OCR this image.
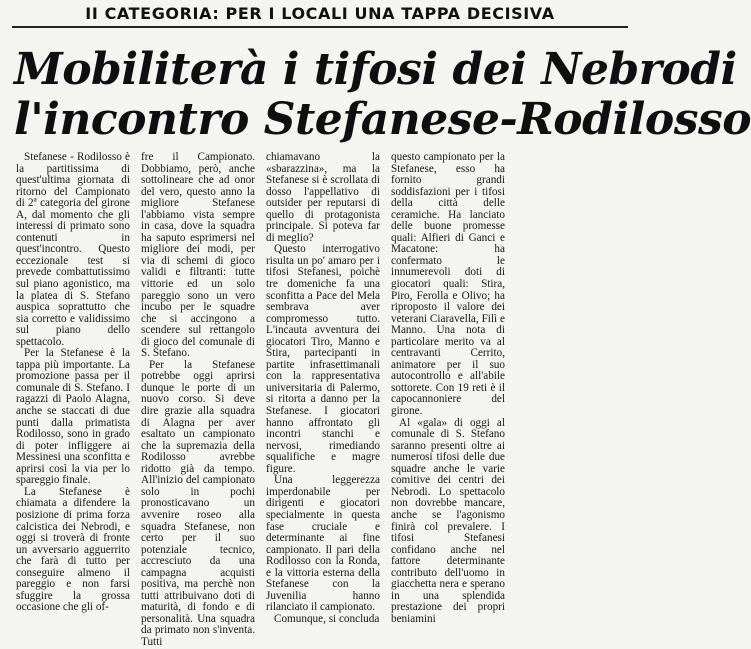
II CATEGORIA: PER I LOCALI UNA TAPPA DECISIVA
Mobiliterà i tifosi dei Nebrodi
l'incontro Stefanese-Rodilosso

Stefanese - Rodilosso è la partitissima di quest'ultima giornata di ritorno del Campionato di 2ª categoria del girone A, dal momento che gli interessi di primato sono contenuti in quest'incontro. Questo eccezionale test si prevede combattutissimo sul piano agonistico, ma la platea di S. Stefano auspica soprattutto che sia corretto e validissimo sul piano dello spettacolo.

Per la Stefanese è la tappa più importante. La promozione passa per il comunale di S. Stefano. I ragazzi di Paolo Alagna, anche se staccati di due punti dalla primatista Rodilosso, sono in grado di poter infliggere ai Messinesi una sconfitta e aprirsi così la via per lo spareggio finale.

La Stefanese è chiamata a difendere la posizione di prima forza calcistica dei Nebrodi, e oggi si troverà di fronte un avversario agguerrito che farà di tutto per conseguire almeno il pareggio e non farsi sfuggire la grossa occasione che gli of-

fre il Campionato. Dobbiamo, però, anche sottolineare che ad onor del vero, questo anno la migliore Stefanese l'abbiamo vista sempre in casa, dove la squadra ha saputo esprimersi nel migliore dei modi, per via di schemi di gioco validi e filtranti: tutte vittorie ed un solo pareggio sono un vero incubo per le squadre che si accingono a scendere sul rettangolo di gioco del comunale di S. Stefano.

Per la Stefanese potrebbe oggi aprirsi dunque le porte di un nuovo corso. Si deve dire grazie alla squadra di Alagna per aver esaltato un campionato che la supremazia della Rodilosso avrebbe ridotto già da tempo. All'inizio del campionato solo in pochi pronosticavano un avvenire roseo alla squadra Stefanese, non certo per il suo potenziale tecnico, accresciuto da una campagna acquisti positiva, ma perchè non tutti attribuivano doti di maturità, di fondo e di personalità. Una squadra da primato non s'inventa. Tutti

chiamavano la «sbarazzina», ma la Stefanese si è scrollata di dosso l'appellativo di outsider per reputarsi di quello di protagonista principale. Si poteva far di meglio?

Questo interrogativo risulta un po' amaro per i tifosi Stefanesi, poichè tre domeniche fa una sconfitta a Pace del Mela sembrava aver compromesso tutto. L'incauta avventura dei giocatori Tiro, Manno e Stira, partecipanti in partite infrasettimanali con la rappresentativa universitaria di Palermo, si ritorta a danno per la Stefanese. I giocatori hanno affrontato gli incontri stanchi e nervosi, rimediando squalifiche e magre figure.

Una leggerezza imperdonabile per dirigenti e giocatori specialmente in questa fase cruciale e determinante ai fine campionato. Il pari della Rodilosso con la Ronda, e la vittoria esterna della Stefanese con la Juvenilia hanno rilanciato il campionato.

Comunque, si concluda

questo campionato per la Stefanese, esso ha fornito grandi soddisfazioni per i tifosi della città delle ceramiche. Ha lanciato delle buone promesse quali: Alfieri di Ganci e Macatone: ha confermato le innumerevoli doti di giocatori quali: Stira, Piro, Ferolla e Olivo; ha riproposto il valore dei veterani Ciaravella, Filì e Manno. Una nota di particolare merito va al centravanti Cerrito, animatore per il suo autocontrollo e all'abile sottorete. Con 19 reti è il capocannoniere del girone.

Al «gala» di oggi al comunale di S. Stefano saranno presenti oltre ai numerosi tifosi delle due squadre anche le varie comitive dei centri dei Nebrodi. Lo spettacolo non dovrebbe mancare, anche se l'agonismo finirà col prevalere. I tifosi Stefanesi confidano anche nel fattore determinante contributo dell'uomo in giacchetta nera e sperano in una splendida prestazione dei propri beniamini
